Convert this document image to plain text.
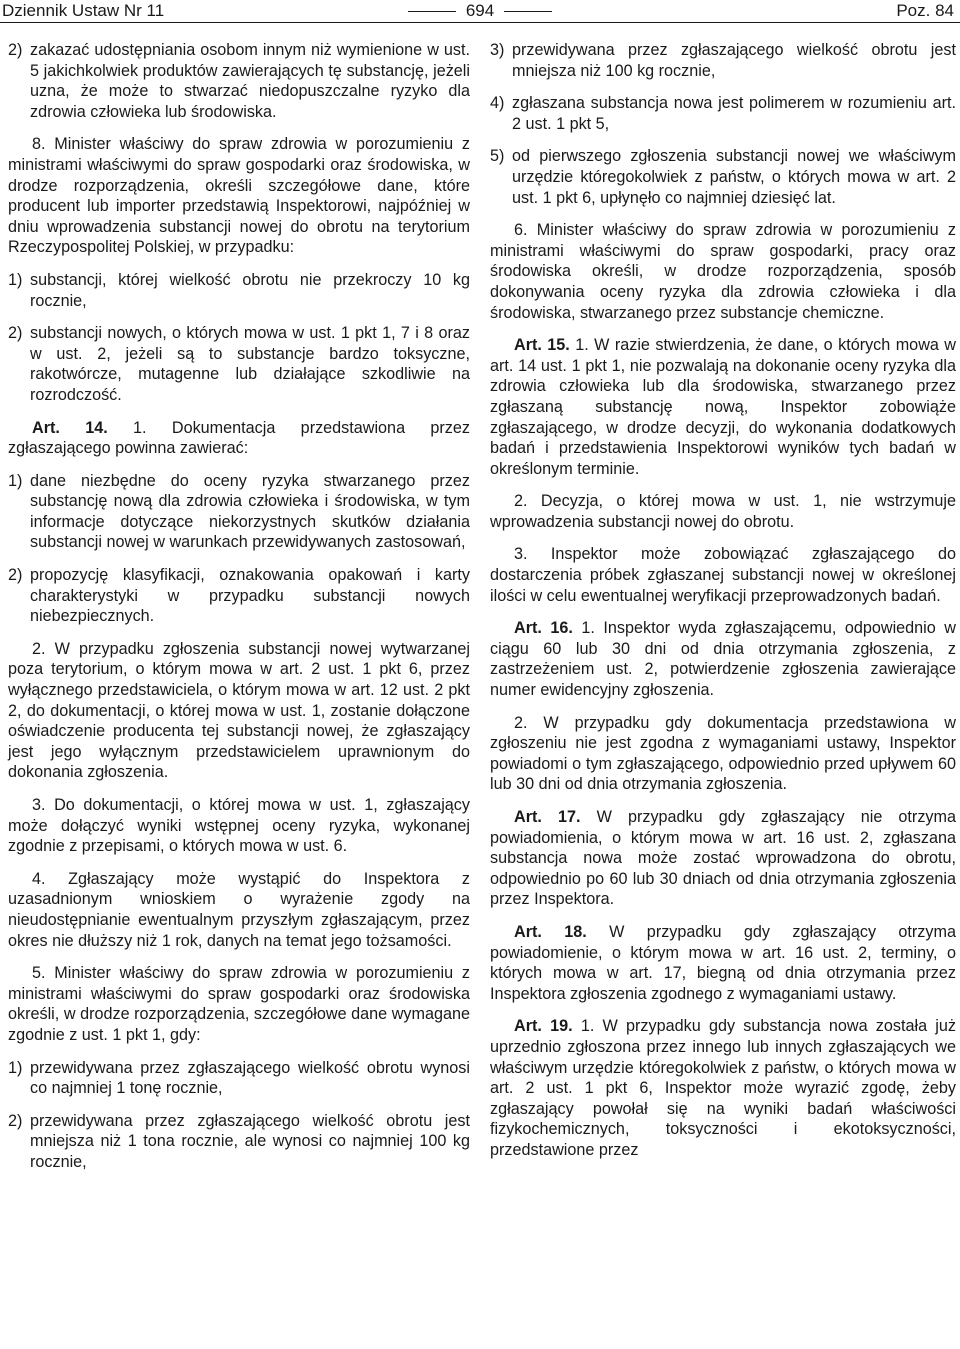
Dziennik Ustaw Nr 11	694	Poz. 84
2) zakazać udostępniania osobom innym niż wymienione w ust. 5 jakichkolwiek produktów zawierających tę substancję, jeżeli uzna, że może to stwarzać niedopuszczalne ryzyko dla zdrowia człowieka lub środowiska.

8. Minister właściwy do spraw zdrowia w porozumieniu z ministrami właściwymi do spraw gospodarki oraz środowiska, w drodze rozporządzenia, określi szczegółowe dane, które producent lub importer przedstawią Inspektorowi, najpóźniej w dniu wprowadzenia substancji nowej do obrotu na terytorium Rzeczypospolitej Polskiej, w przypadku:

1) substancji, której wielkość obrotu nie przekroczy 10 kg rocznie,
2) substancji nowych, o których mowa w ust. 1 pkt 1, 7 i 8 oraz w ust. 2, jeżeli są to substancje bardzo toksyczne, rakotwórcze, mutagenne lub działające szkodliwie na rozrodczość.

Art. 14. 1. Dokumentacja przedstawiona przez zgłaszającego powinna zawierać:

1) dane niezbędne do oceny ryzyka stwarzanego przez substancję nową dla zdrowia człowieka i środowiska, w tym informacje dotyczące niekorzystnych skutków działania substancji nowej w warunkach przewidywanych zastosowań,
2) propozycję klasyfikacji, oznakowania opakowań i karty charakterystyki w przypadku substancji nowych niebezpiecznych.

2. W przypadku zgłoszenia substancji nowej wytwarzanej poza terytorium, o którym mowa w art. 2 ust. 1 pkt 6, przez wyłącznego przedstawiciela, o którym mowa w art. 12 ust. 2 pkt 2, do dokumentacji, o której mowa w ust. 1, zostanie dołączone oświadczenie producenta tej substancji nowej, że zgłaszający jest jego wyłącznym przedstawicielem uprawnionym do dokonania zgłoszenia.

3. Do dokumentacji, o której mowa w ust. 1, zgłaszający może dołączyć wyniki wstępnej oceny ryzyka, wykonanej zgodnie z przepisami, o których mowa w ust. 6.

4. Zgłaszający może wystąpić do Inspektora z uzasadnionym wnioskiem o wyrażenie zgody na nieudostępnianie ewentualnym przyszłym zgłaszającym, przez okres nie dłuższy niż 1 rok, danych na temat jego tożsamości.

5. Minister właściwy do spraw zdrowia w porozumieniu z ministrami właściwymi do spraw gospodarki oraz środowiska określi, w drodze rozporządzenia, szczegółowe dane wymagane zgodnie z ust. 1 pkt 1, gdy:

1) przewidywana przez zgłaszającego wielkość obrotu wynosi co najmniej 1 tonę rocznie,
2) przewidywana przez zgłaszającego wielkość obrotu jest mniejsza niż 1 tona rocznie, ale wynosi co najmniej 100 kg rocznie,
3) przewidywana przez zgłaszającego wielkość obrotu jest mniejsza niż 100 kg rocznie,
4) zgłaszana substancja nowa jest polimerem w rozumieniu art. 2 ust. 1 pkt 5,
5) od pierwszego zgłoszenia substancji nowej we właściwym urzędzie któregokolwiek z państw, o których mowa w art. 2 ust. 1 pkt 6, upłynęło co najmniej dziesięć lat.

6. Minister właściwy do spraw zdrowia w porozumieniu z ministrami właściwymi do spraw gospodarki, pracy oraz środowiska określi, w drodze rozporządzenia, sposób dokonywania oceny ryzyka dla zdrowia człowieka i dla środowiska, stwarzanego przez substancje chemiczne.

Art. 15. 1. W razie stwierdzenia, że dane, o których mowa w art. 14 ust. 1 pkt 1, nie pozwalają na dokonanie oceny ryzyka dla zdrowia człowieka lub dla środowiska, stwarzanego przez zgłaszaną substancję nową, Inspektor zobowiąże zgłaszającego, w drodze decyzji, do wykonania dodatkowych badań i przedstawienia Inspektorowi wyników tych badań w określonym terminie.

2. Decyzja, o której mowa w ust. 1, nie wstrzymuje wprowadzenia substancji nowej do obrotu.

3. Inspektor może zobowiązać zgłaszającego do dostarczenia próbek zgłaszanej substancji nowej w określonej ilości w celu ewentualnej weryfikacji przeprowadzonych badań.

Art. 16. 1. Inspektor wyda zgłaszającemu, odpowiednio w ciągu 60 lub 30 dni od dnia otrzymania zgłoszenia, z zastrzeżeniem ust. 2, potwierdzenie zgłoszenia zawierające numer ewidencyjny zgłoszenia.

2. W przypadku gdy dokumentacja przedstawiona w zgłoszeniu nie jest zgodna z wymaganiami ustawy, Inspektor powiadomi o tym zgłaszającego, odpowiednio przed upływem 60 lub 30 dni od dnia otrzymania zgłoszenia.

Art. 17. W przypadku gdy zgłaszający nie otrzyma powiadomienia, o którym mowa w art. 16 ust. 2, zgłaszana substancja nowa może zostać wprowadzona do obrotu, odpowiednio po 60 lub 30 dniach od dnia otrzymania zgłoszenia przez Inspektora.

Art. 18. W przypadku gdy zgłaszający otrzyma powiadomienie, o którym mowa w art. 16 ust. 2, terminy, o których mowa w art. 17, biegną od dnia otrzymania przez Inspektora zgłoszenia zgodnego z wymaganiami ustawy.

Art. 19. 1. W przypadku gdy substancja nowa została już uprzednio zgłoszona przez innego lub innych zgłaszających we właściwym urzędzie któregokolwiek z państw, o których mowa w art. 2 ust. 1 pkt 6, Inspektor może wyrazić zgodę, żeby zgłaszający powołał się na wyniki badań właściwości fizykochemicznych, toksyczności i ekotoksyczności, przedstawione przez
